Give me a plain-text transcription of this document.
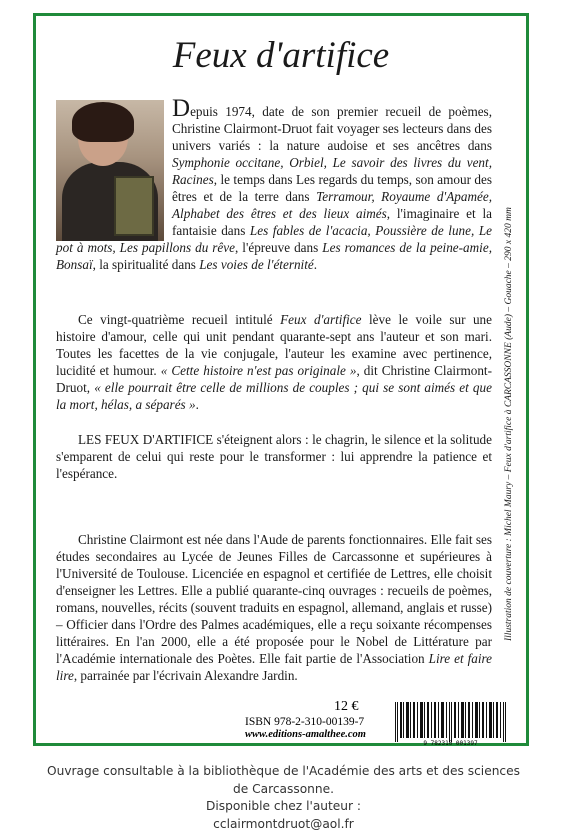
Feux d'artifice
Depuis 1974, date de son premier recueil de poèmes, Christine Clairmont-Druot fait voyager ses lecteurs dans des univers variés : la nature audoise et ses ancêtres dans Symphonie occitane, Orbiel, Le savoir des livres du vent, Racines, le temps dans Les regards du temps, son amour des êtres et de la terre dans Terramour, Royaume d'Apamée, Alphabet des êtres et des lieux aimés, l'imaginaire et la fantaisie dans Les fables de l'acacia, Poussière de lune, Le pot à mots, Les papillons du rêve, l'épreuve dans Les romances de la peine-amie, Bonsaï, la spiritualité dans Les voies de l'éternité.	Illustration de couverture : Michel Maury – Feux d'artifice à CARCASSONNE (Aude) – Gouache – 290 x 420 mm
12 €
ISBN 978-2-310-00139-7
www.editions-amalthee.com
9 782310 001397
Ce vingt-quatrième recueil intitulé Feux d'artifice lève le voile sur une histoire d'amour, celle qui unit pendant quarante-sept ans l'auteur et son mari. Toutes les facettes de la vie conjugale, l'auteur les examine avec pertinence, lucidité et humour. « Cette histoire n'est pas originale », dit Christine Clairmont-Druot, « elle pourrait être celle de millions de couples ; qui se sont aimés et que la mort, hélas, a séparés ».
LES FEUX D'ARTIFICE s'éteignent alors : le chagrin, le silence et la solitude s'emparent de celui qui reste pour le transformer : lui apprendre la patience et l'espérance.
Christine Clairmont est née dans l'Aude de parents fonctionnaires. Elle fait ses études secondaires au Lycée de Jeunes Filles de Carcassonne et supérieures à l'Université de Toulouse. Licenciée en espagnol et certifiée de Lettres, elle choisit d'enseigner les Lettres. Elle a publié quarante-cinq ouvrages : recueils de poèmes, romans, nouvelles, récits (souvent traduits en espagnol, allemand, anglais et russe) – Officier dans l'Ordre des Palmes académiques, elle a reçu soixante récompenses littéraires. En l'an 2000, elle a été proposée pour le Nobel de Littérature par l'Académie internationale des Poètes. Elle fait partie de l'Association Lire et faire lire, parrainée par l'écrivain Alexandre Jardin.
Ouvrage consultable à la bibliothèque de l'Académie des arts et des sciences
de Carcassonne.
Disponible chez l'auteur :
cclairmontdruot@aol.fr
